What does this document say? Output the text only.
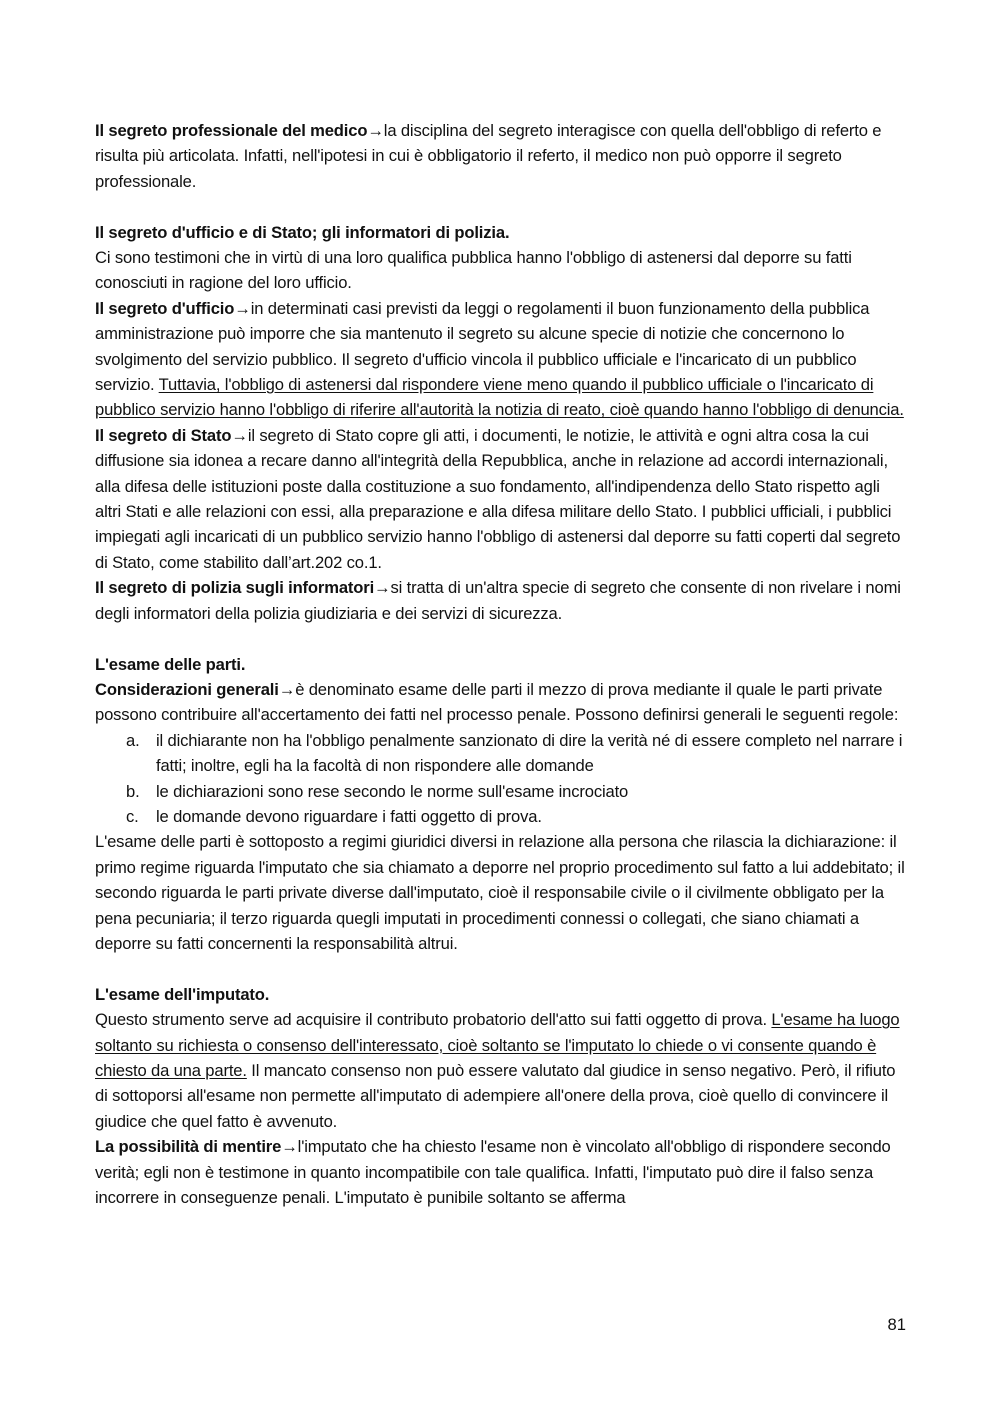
Il segreto professionale del medico→la disciplina del segreto interagisce con quella dell'obbligo di referto e risulta più articolata. Infatti, nell'ipotesi in cui è obbligatorio il referto, il medico non può opporre il segreto professionale.

Il segreto d'ufficio e di Stato; gli informatori di polizia.

Ci sono testimoni che in virtù di una loro qualifica pubblica hanno l'obbligo di astenersi dal deporre su fatti conosciuti in ragione del loro ufficio.

Il segreto d'ufficio→in determinati casi previsti da leggi o regolamenti il buon funzionamento della pubblica amministrazione può imporre che sia mantenuto il segreto su alcune specie di notizie che concernono lo svolgimento del servizio pubblico. Il segreto d'ufficio vincola il pubblico ufficiale e l'incaricato di un pubblico servizio. Tuttavia, l'obbligo di astenersi dal rispondere viene meno quando il pubblico ufficiale o l'incaricato di pubblico servizio hanno l'obbligo di riferire all'autorità la notizia di reato, cioè quando hanno l'obbligo di denuncia.

Il segreto di Stato→il segreto di Stato copre gli atti, i documenti, le notizie, le attività e ogni altra cosa la cui diffusione sia idonea a recare danno all'integrità della Repubblica, anche in relazione ad accordi internazionali, alla difesa delle istituzioni poste dalla costituzione a suo fondamento, all'indipendenza dello Stato rispetto agli altri Stati e alle relazioni con essi, alla preparazione e alla difesa militare dello Stato. I pubblici ufficiali, i pubblici impiegati agli incaricati di un pubblico servizio hanno l'obbligo di astenersi dal deporre su fatti coperti dal segreto di Stato, come stabilito dall’art.202 co.1.

Il segreto di polizia sugli informatori→si tratta di un'altra specie di segreto che consente di non rivelare i nomi degli informatori della polizia giudiziaria e dei servizi di sicurezza.

L'esame delle parti.

Considerazioni generali→è denominato esame delle parti il mezzo di prova mediante il quale le parti private possono contribuire all'accertamento dei fatti nel processo penale. Possono definirsi generali le seguenti regole:

a. il dichiarante non ha l'obbligo penalmente sanzionato di dire la verità né di essere completo nel narrare i fatti; inoltre, egli ha la facoltà di non rispondere alle domande
b. le dichiarazioni sono rese secondo le norme sull'esame incrociato
c. le domande devono riguardare i fatti oggetto di prova.

L'esame delle parti è sottoposto a regimi giuridici diversi in relazione alla persona che rilascia la dichiarazione: il primo regime riguarda l'imputato che sia chiamato a deporre nel proprio procedimento sul fatto a lui addebitato; il secondo riguarda le parti private diverse dall'imputato, cioè il responsabile civile o il civilmente obbligato per la pena pecuniaria; il terzo riguarda quegli imputati in procedimenti connessi o collegati, che siano chiamati a deporre su fatti concernenti la responsabilità altrui.

L'esame dell'imputato.

Questo strumento serve ad acquisire il contributo probatorio dell'atto sui fatti oggetto di prova. L'esame ha luogo soltanto su richiesta o consenso dell'interessato, cioè soltanto se l'imputato lo chiede o vi consente quando è chiesto da una parte. Il mancato consenso non può essere valutato dal giudice in senso negativo. Però, il rifiuto di sottoporsi all'esame non permette all'imputato di adempiere all'onere della prova, cioè quello di convincere il giudice che quel fatto è avvenuto.

La possibilità di mentire→l'imputato che ha chiesto l'esame non è vincolato all'obbligo di rispondere secondo verità; egli non è testimone in quanto incompatibile con tale qualifica. Infatti, l'imputato può dire il falso senza incorrere in conseguenze penali. L'imputato è punibile soltanto se afferma

81
